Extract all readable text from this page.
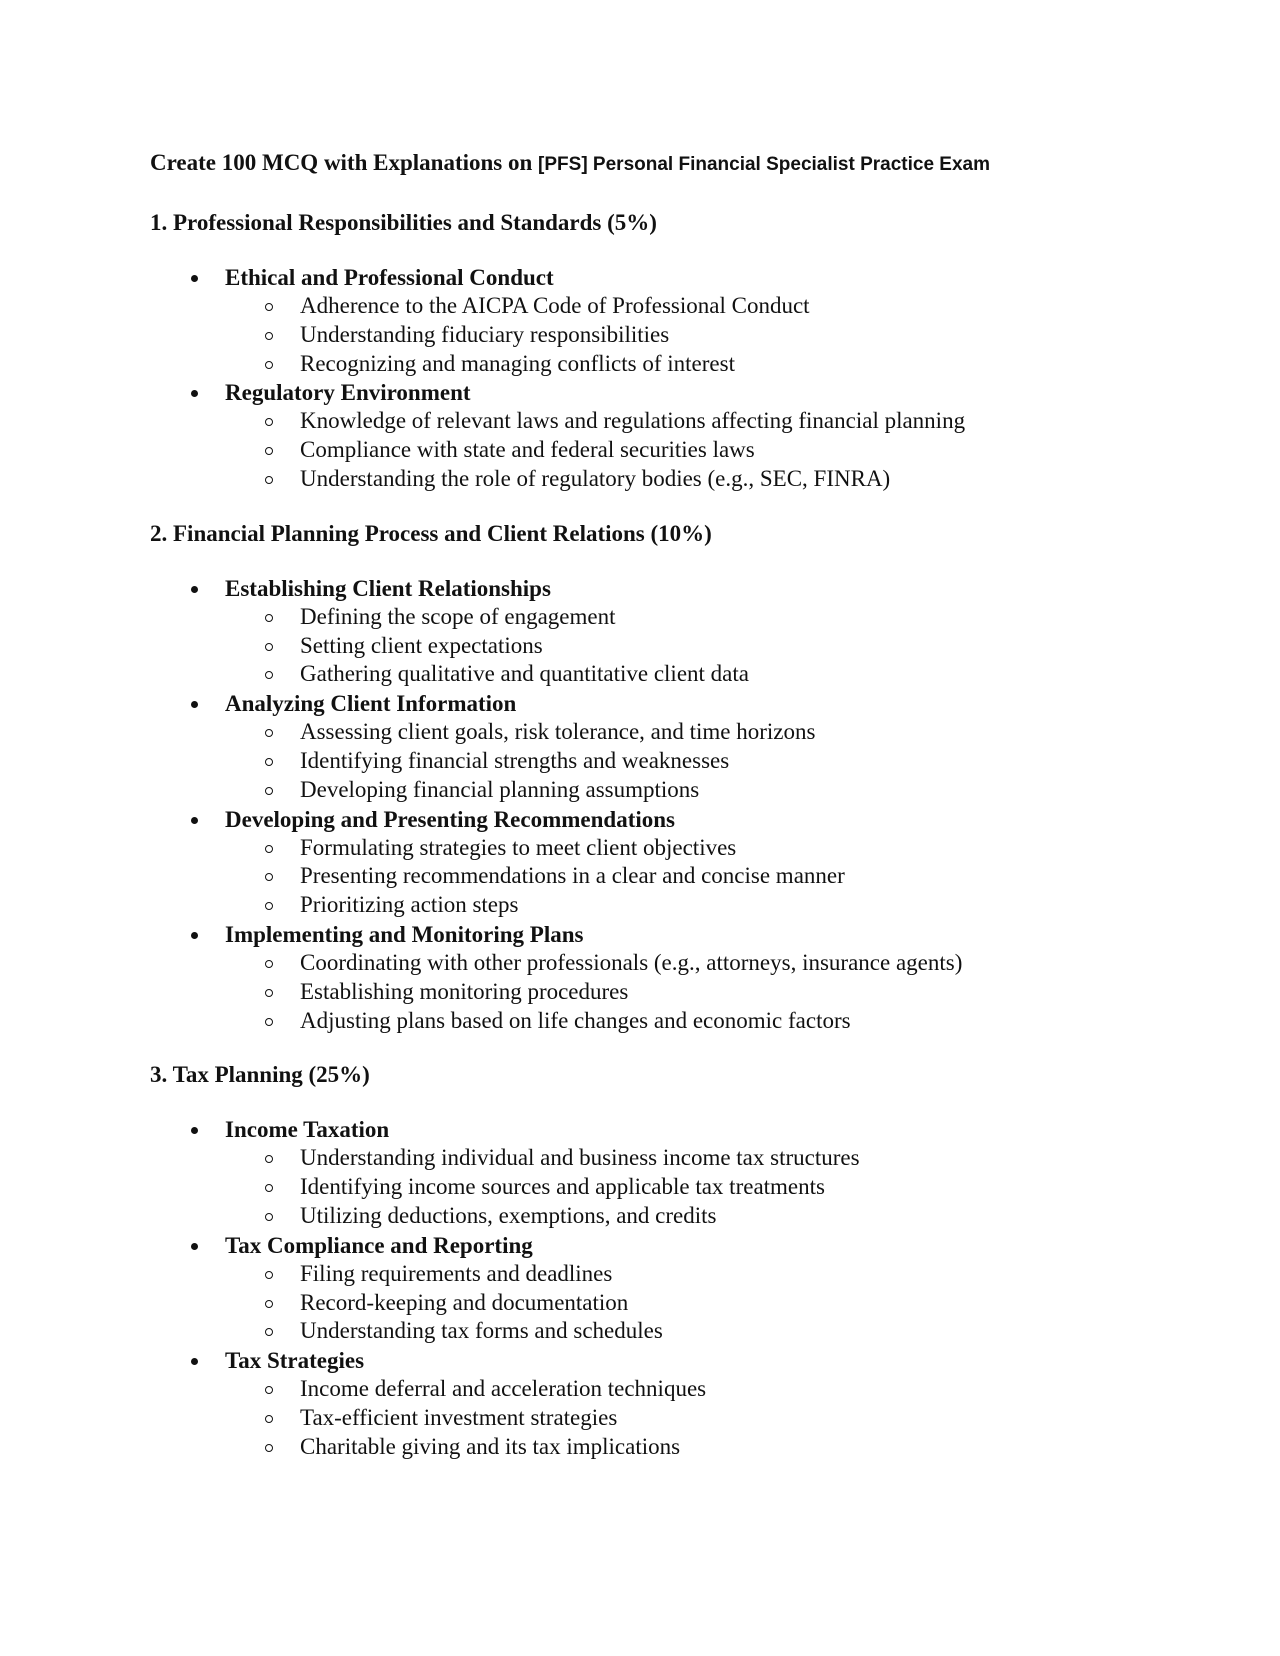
Create 100 MCQ with Explanations on [PFS] Personal Financial Specialist Practice Exam
1. Professional Responsibilities and Standards (5%)
Ethical and Professional Conduct
Adherence to the AICPA Code of Professional Conduct
Understanding fiduciary responsibilities
Recognizing and managing conflicts of interest
Regulatory Environment
Knowledge of relevant laws and regulations affecting financial planning
Compliance with state and federal securities laws
Understanding the role of regulatory bodies (e.g., SEC, FINRA)
2. Financial Planning Process and Client Relations (10%)
Establishing Client Relationships
Defining the scope of engagement
Setting client expectations
Gathering qualitative and quantitative client data
Analyzing Client Information
Assessing client goals, risk tolerance, and time horizons
Identifying financial strengths and weaknesses
Developing financial planning assumptions
Developing and Presenting Recommendations
Formulating strategies to meet client objectives
Presenting recommendations in a clear and concise manner
Prioritizing action steps
Implementing and Monitoring Plans
Coordinating with other professionals (e.g., attorneys, insurance agents)
Establishing monitoring procedures
Adjusting plans based on life changes and economic factors
3. Tax Planning (25%)
Income Taxation
Understanding individual and business income tax structures
Identifying income sources and applicable tax treatments
Utilizing deductions, exemptions, and credits
Tax Compliance and Reporting
Filing requirements and deadlines
Record-keeping and documentation
Understanding tax forms and schedules
Tax Strategies
Income deferral and acceleration techniques
Tax-efficient investment strategies
Charitable giving and its tax implications
